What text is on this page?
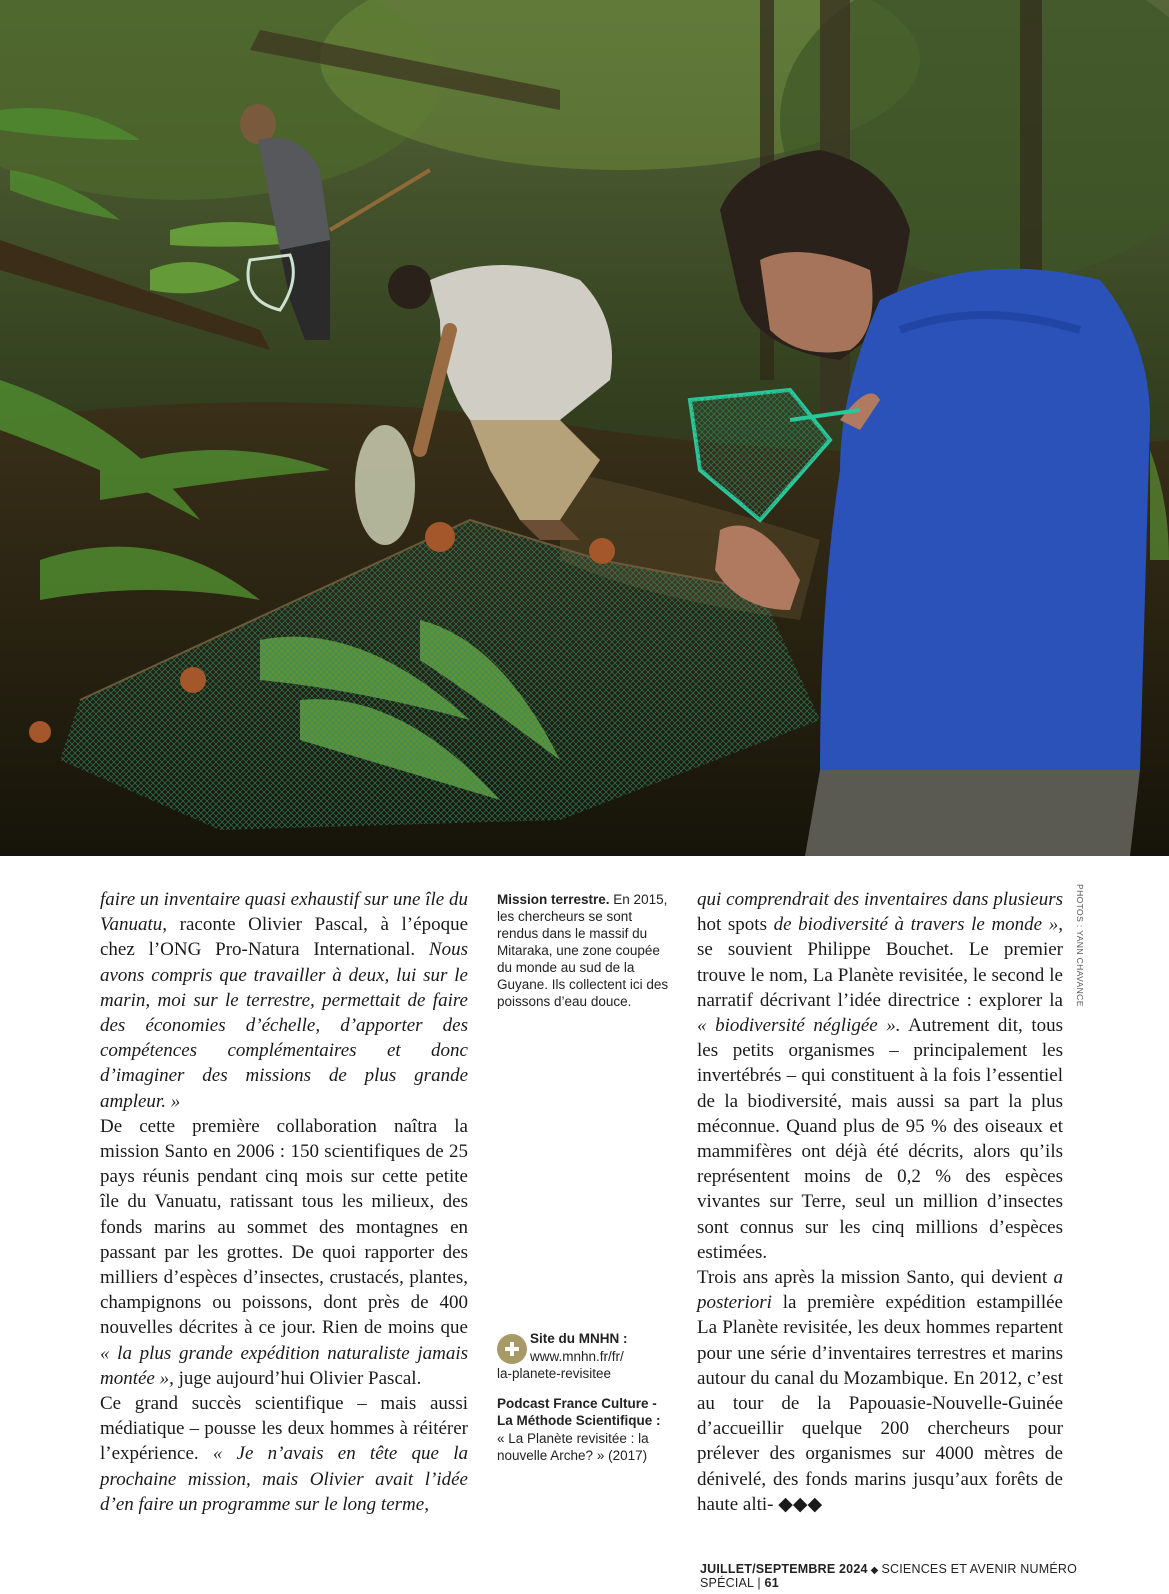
PHOTOS : YANN CHAVANCE

faire un inventaire quasi exhaustif sur une île du Vanuatu, raconte Olivier Pascal, à l’époque chez l’ONG Pro-Natura International. Nous avons compris que travailler à deux, lui sur le marin, moi sur le terrestre, permettait de faire des économies d’échelle, d’apporter des compétences complémentaires et donc d’imaginer des missions de plus grande ampleur. »

De cette première collaboration naîtra la mission Santo en 2006 : 150 scientifiques de 25 pays réunis pendant cinq mois sur cette petite île du Vanuatu, ratissant tous les milieux, des fonds marins au sommet des montagnes en passant par les grottes. De quoi rapporter des milliers d’espèces d’insectes, crustacés, plantes, champignons ou poissons, dont près de 400 nouvelles décrites à ce jour. Rien de moins que « la plus grande expédition naturaliste jamais montée », juge aujourd’hui Olivier Pascal.

Ce grand succès scientifique – mais aussi médiatique – pousse les deux hommes à réitérer l’expérience. « Je n’avais en tête que la prochaine mission, mais Olivier avait l’idée d’en faire un programme sur le long terme,

Mission terrestre. En 2015, les chercheurs se sont rendus dans le massif du Mitaraka, une zone coupée du monde au sud de la Guyane. Ils collectent ici des poissons d’eau douce.
Site du MNHN :
www.mnhn.fr/fr/
la-planete-revisitee
Podcast France Culture - La Méthode Scientifique : « La Planète revisitée : la nouvelle Arche? » (2017)

qui comprendrait des inventaires dans plusieurs hot spots de biodiversité à travers le monde », se souvient Philippe Bouchet. Le premier trouve le nom, La Planète revisitée, le second le narratif décrivant l’idée directrice : explorer la « biodiversité négligée ». Autrement dit, tous les petits organismes – principalement les invertébrés – qui constituent à la fois l’essentiel de la biodiversité, mais aussi sa part la plus méconnue. Quand plus de 95 % des oiseaux et mammifères ont déjà été décrits, alors qu’ils représentent moins de 0,2 % des espèces vivantes sur Terre, seul un million d’insectes sont connus sur les cinq millions d’espèces estimées.

Trois ans après la mission Santo, qui devient a posteriori la première expédition estampillée La Planète revisitée, les deux hommes repartent pour une série d’inventaires terrestres et marins autour du canal du Mozambique. En 2012, c’est au tour de la Papouasie-Nouvelle-Guinée d’accueillir quelque 200 chercheurs pour prélever des organismes sur 4000 mètres de dénivelé, des fonds marins jusqu’aux forêts de haute alti- ◆◆◆

JUILLET/SEPTEMBRE 2024 ◆ SCIENCES ET AVENIR NUMÉRO SPÉCIAL | 61
